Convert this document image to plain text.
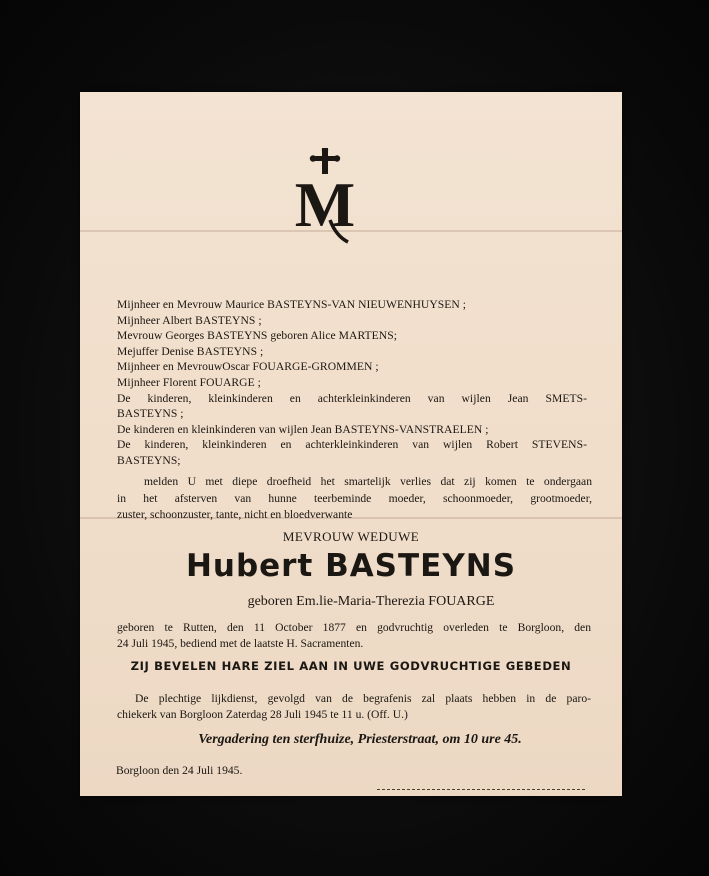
M
Mijnheer en Mevrouw Maurice BASTEYNS-VAN NIEUWENHUYSEN ;
Mijnheer Albert BASTEYNS ;
Mevrouw Georges BASTEYNS geboren Alice MARTENS;
Mejuffer Denise BASTEYNS ;
Mijnheer en MevrouwOscar FOUARGE-GROMMEN ;
Mijnheer Florent FOUARGE ;
De kinderen, kleinkinderen en achterkleinkinderen van wijlen Jean SMETS-
BASTEYNS ;
De kinderen en kleinkinderen van wijlen Jean BASTEYNS-VANSTRAELEN ;
De kinderen, kleinkinderen en achterkleinkinderen van wijlen Robert STEVENS-
BASTEYNS;
melden U met diepe droefheid het smartelijk verlies dat zij komen te ondergaan
in het afsterven van hunne teerbeminde moeder, schoonmoeder, grootmoeder,
zuster, schoonzuster, tante, nicht en bloedverwante
MEVROUW WEDUWE
Hubert BASTEYNS
geboren Em.lie-Maria-Therezia FOUARGE
geboren te Rutten, den 11 October 1877 en godvruchtig overleden te Borgloon, den
24 Juli 1945, bediend met de laatste H. Sacramenten.
ZIJ BEVELEN HARE ZIEL AAN IN UWE GODVRUCHTIGE GEBEDEN
De plechtige lijkdienst, gevolgd van de begrafenis zal plaats hebben in de paro-
chiekerk van Borgloon Zaterdag 28 Juli 1945 te 11 u. (Off. U.)
Vergadering ten sterfhuize, Priesterstraat, om 10 ure 45.
Borgloon den 24 Juli 1945.
